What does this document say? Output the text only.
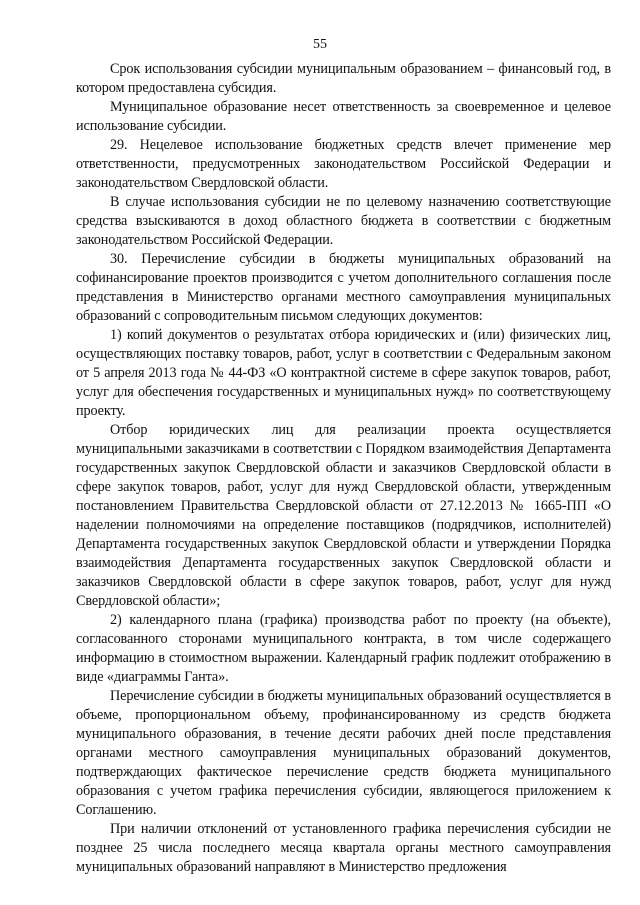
55

Срок использования субсидии муниципальным образованием – финансовый год, в котором предоставлена субсидия.

Муниципальное образование несет ответственность за своевременное и целевое использование субсидии.

29. Нецелевое использование бюджетных средств влечет применение мер ответственности, предусмотренных законодательством Российской Федерации и законодательством Свердловской области.

В случае использования субсидии не по целевому назначению соответствующие средства взыскиваются в доход областного бюджета в соответствии с бюджетным законодательством Российской Федерации.

30. Перечисление субсидии в бюджеты муниципальных образований на софинансирование проектов производится с учетом дополнительного соглашения после представления в Министерство органами местного самоуправления муниципальных образований с сопроводительным письмом следующих документов:

1) копий документов о результатах отбора юридических и (или) физических лиц, осуществляющих поставку товаров, работ, услуг в соответствии с Федеральным законом от 5 апреля 2013 года № 44-ФЗ «О контрактной системе в сфере закупок товаров, работ, услуг для обеспечения государственных и муниципальных нужд» по соответствующему проекту.

Отбор юридических лиц для реализации проекта осуществляется муниципальными заказчиками в соответствии с Порядком взаимодействия Департамента государственных закупок Свердловской области и заказчиков Свердловской области в сфере закупок товаров, работ, услуг для нужд Свердловской области, утвержденным постановлением Правительства Свердловской области от 27.12.2013 № 1665-ПП «О наделении полномочиями на определение поставщиков (подрядчиков, исполнителей) Департамента государственных закупок Свердловской области и утверждении Порядка взаимодействия Департамента государственных закупок Свердловской области и заказчиков Свердловской области в сфере закупок товаров, работ, услуг для нужд Свердловской области»;

2) календарного плана (графика) производства работ по проекту (на объекте), согласованного сторонами муниципального контракта, в том числе содержащего информацию в стоимостном выражении. Календарный график подлежит отображению в виде «диаграммы Ганта».

Перечисление субсидии в бюджеты муниципальных образований осуществляется в объеме, пропорциональном объему, профинансированному из средств бюджета муниципального образования, в течение десяти рабочих дней после представления органами местного самоуправления муниципальных образований документов, подтверждающих фактическое перечисление средств бюджета муниципального образования с учетом графика перечисления субсидии, являющегося приложением к Соглашению.

При наличии отклонений от установленного графика перечисления субсидии не позднее 25 числа последнего месяца квартала органы местного самоуправления муниципальных образований направляют в Министерство предложения
